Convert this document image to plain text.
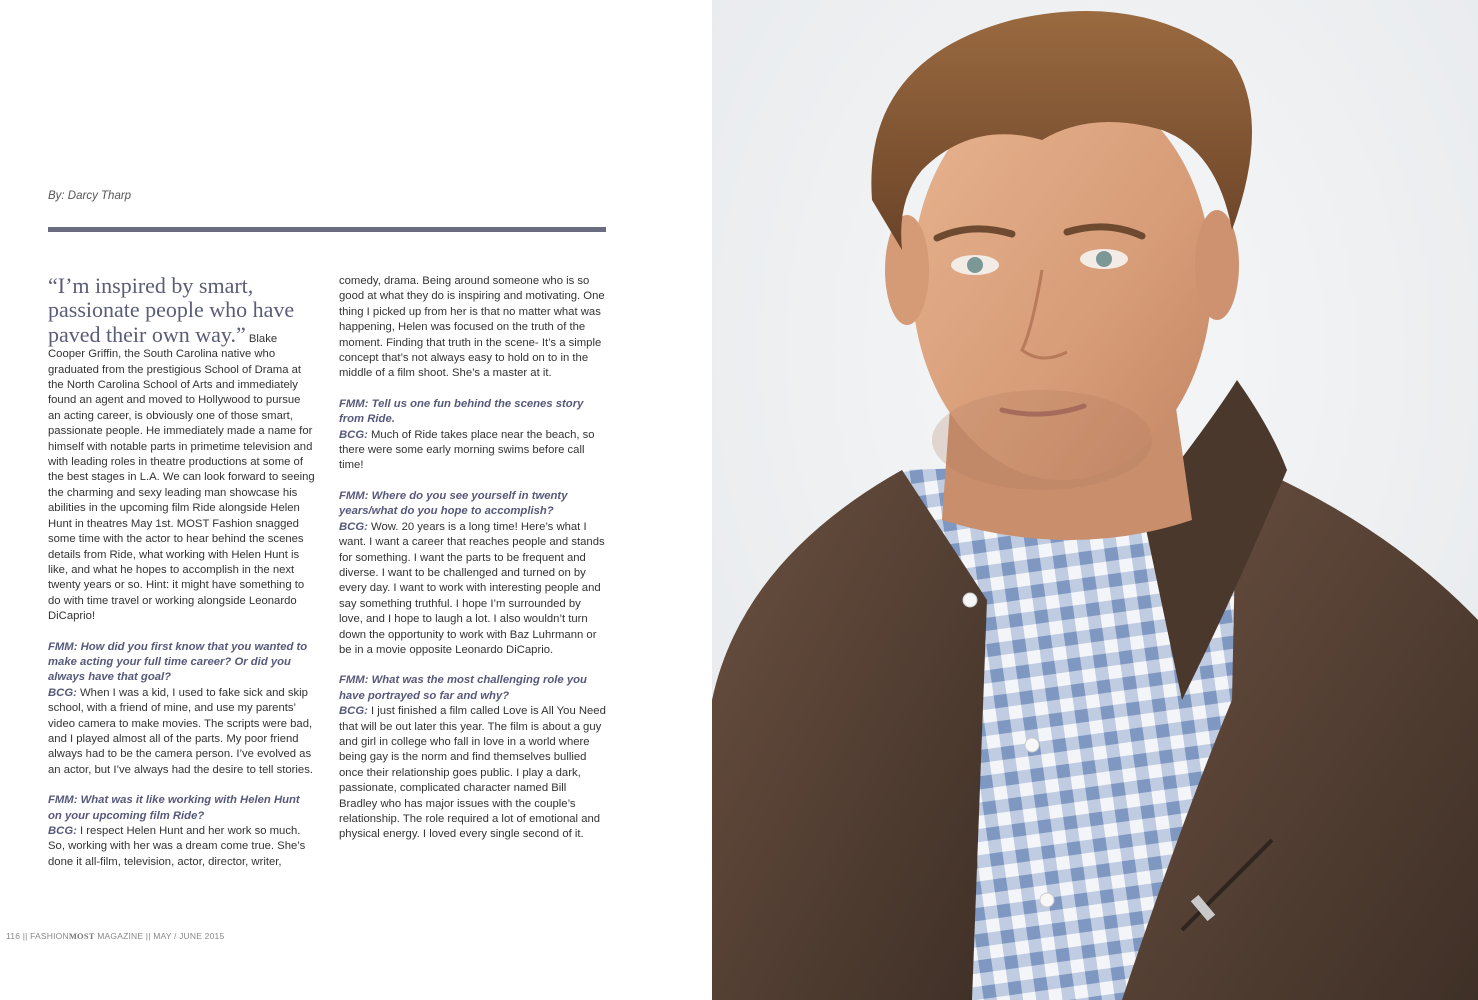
By: Darcy Tharp

“I’m inspired by smart, passionate people who have paved their own way.” Blake Cooper Griffin, the South Carolina native who graduated from the prestigious School of Drama at the North Carolina School of Arts and immediately found an agent and moved to Hollywood to pursue an acting career, is obviously one of those smart, passionate people. He immediately made a name for himself with notable parts in primetime television and with leading roles in theatre productions at some of the best stages in L.A. We can look forward to seeing the charming and sexy leading man showcase his abilities in the upcoming film Ride alongside Helen Hunt in theatres May 1st. MOST Fashion snagged some time with the actor to hear behind the scenes details from Ride, what working with Helen Hunt is like, and what he hopes to accomplish in the next twenty years or so. Hint: it might have something to do with time travel or working alongside Leonardo DiCaprio!

FMM: How did you first know that you wanted to make acting your full time career? Or did you always have that goal?

BCG: When I was a kid, I used to fake sick and skip school, with a friend of mine, and use my parents’ video camera to make movies. The scripts were bad, and I played almost all of the parts. My poor friend always had to be the camera person. I’ve evolved as an actor, but I’ve always had the desire to tell stories.

FMM: What was it like working with Helen Hunt on your upcoming film Ride?

BCG: I respect Helen Hunt and her work so much. So, working with her was a dream come true. She’s done it all-film, television, actor, director, writer,

comedy, drama. Being around someone who is so good at what they do is inspiring and motivating. One thing I picked up from her is that no matter what was happening, Helen was focused on the truth of the moment. Finding that truth in the scene- It’s a simple concept that’s not always easy to hold on to in the middle of a film shoot. She’s a master at it.

FMM: Tell us one fun behind the scenes story from Ride.

BCG: Much of Ride takes place near the beach, so there were some early morning swims before call time!

FMM: Where do you see yourself in twenty years/what do you hope to accomplish?

BCG: Wow. 20 years is a long time! Here’s what I want. I want a career that reaches people and stands for something. I want the parts to be frequent and diverse. I want to be challenged and turned on by every day. I want to work with interesting people and say something truthful. I hope I’m surrounded by love, and I hope to laugh a lot. I also wouldn’t turn down the opportunity to work with Baz Luhrmann or be in a movie opposite Leonardo DiCaprio.

FMM: What was the most challenging role you have portrayed so far and why?

BCG: I just finished a film called Love is All You Need that will be out later this year. The film is about a guy and girl in college who fall in love in a world where being gay is the norm and find themselves bullied once their relationship goes public. I play a dark, passionate, complicated character named Bill Bradley who has major issues with the couple’s relationship. The role required a lot of emotional and physical energy. I loved every single second of it.

116 || FASHIONMOST MAGAZINE || MAY / JUNE 2015
